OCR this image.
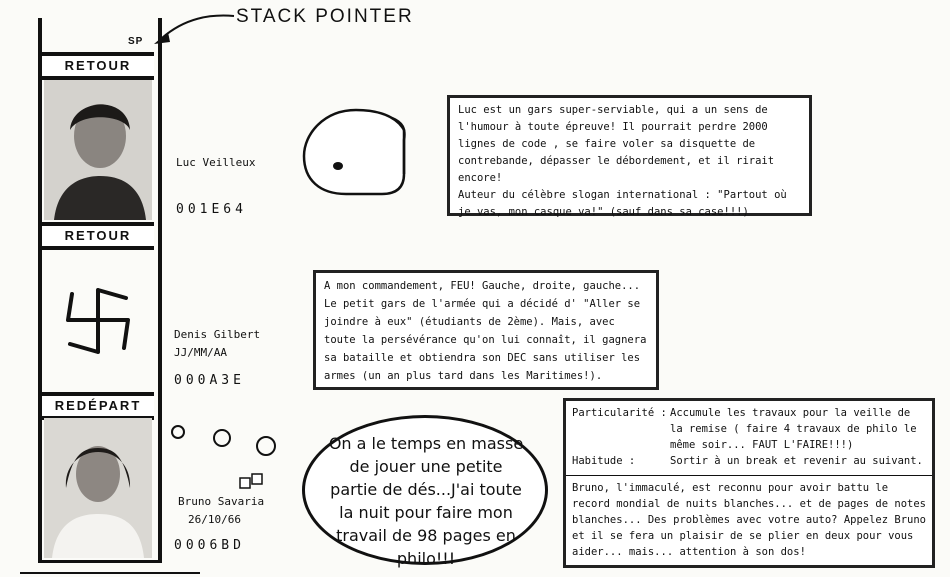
STACK POINTER
SP
RETOUR
Luc Veilleux
001E64

Luc est un gars super-serviable, qui a un sens de l'humour à toute épreuve! Il pourrait perdre 2000 lignes de code , se faire voler sa disquette de contrebande, dépasser le débordement, et il rirait encore!

Auteur du célèbre slogan international : "Partout où je vas, mon casque va!" (sauf dans sa case!!!)

RETOUR
Denis Gilbert
JJ/MM/AA
000A3E

A mon commandement, FEU! Gauche, droite, gauche... Le petit gars de l'armée qui a décidé d' "Aller se joindre à eux" (étudiants de 2ème). Mais, avec toute la persévérance qu'on lui connaît, il gagnera sa bataille et obtiendra son DEC sans utiliser les armes (un an plus tard dans les Maritimes!).

REDÉPART
Bruno Savaria
26/10/66
0006BD
On a le temps en masse de jouer une petite partie de dés...J'ai toute la nuit pour faire mon travail de 98 pages en philo!!!
Particularité :	Accumule les travaux pour la veille de la remise ( faire 4 travaux de philo le même soir... FAUT L'FAIRE!!!)
Habitude :	Sortir à un break et revenir au suivant.

Bruno, l'immaculé, est reconnu pour avoir battu le record mondial de nuits blanches... et de pages de notes blanches... Des problèmes avec votre auto? Appelez Bruno et il se fera un plaisir de se plier en deux pour vous aider... mais... attention à son dos!
